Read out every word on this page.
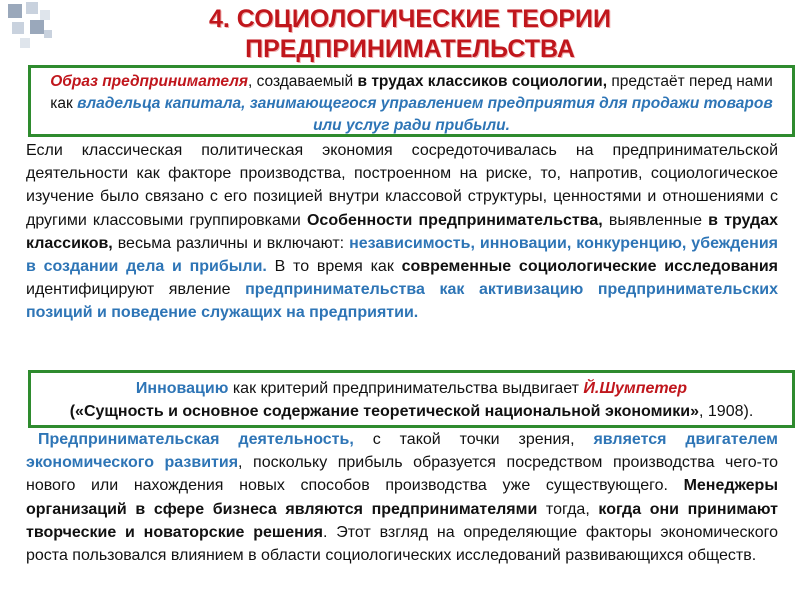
4. СОЦИОЛОГИЧЕСКИЕ ТЕОРИИ
ПРЕДПРИНИМАТЕЛЬСТВА
Образ предпринимателя, создаваемый в трудах классиков социологии, предстаёт перед нами как владельца капитала, занимающегося управлением предприятия для продажи товаров или услуг ради прибыли.
Если классическая политическая экономия сосредоточивалась на предпринимательской деятельности как факторе производства, построенном на риске, то, напротив, социологическое изучение было связано с его позицией внутри классовой структуры, ценностями и отношениями с другими классовыми группировками Особенности предпринимательства, выявленные в трудах классиков, весьма различны и включают: независимость, инновации, конкуренцию, убеждения в создании дела и прибыли. В то время как современные социологические исследования идентифицируют явление предпринимательства как активизацию предпринимательских позиций и поведение служащих на предприятии.
Инновацию как критерий предпринимательства выдвигает Й.Шумпетер
(«Сущность и основное содержание теоретической национальной экономики», 1908).
Предпринимательская деятельность, с такой точки зрения, является двигателем экономического развития, поскольку прибыль образуется посредством производства чего-то нового или нахождения новых способов производства уже существующего. Менеджеры организаций в сфере бизнеса являются предпринимателями тогда, когда они принимают творческие и новаторские решения. Этот взгляд на определяющие факторы экономического роста пользовался влиянием в области социологических исследований развивающихся обществ.
